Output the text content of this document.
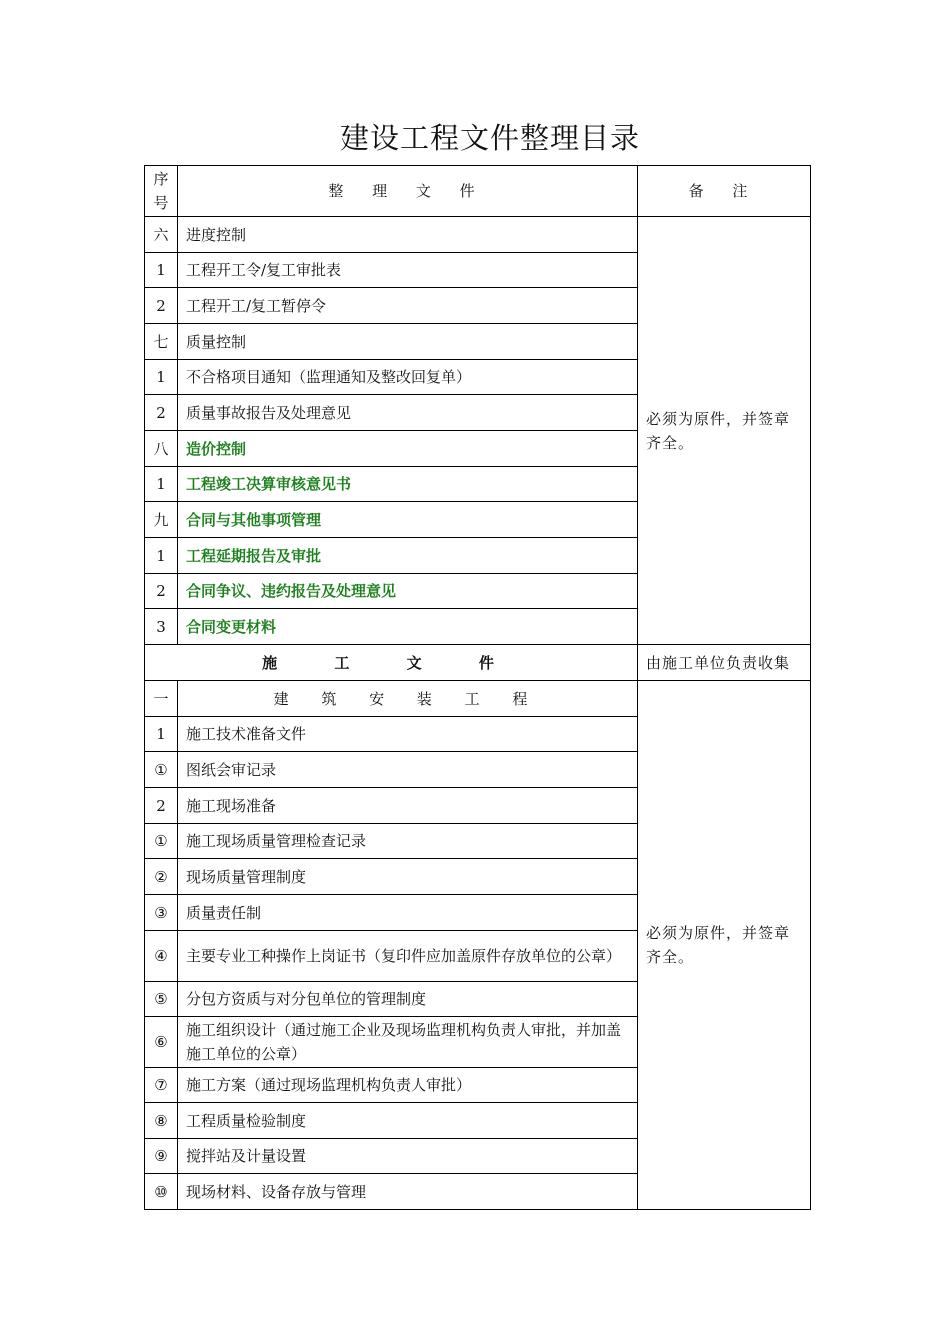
建设工程文件整理目录
序
号	整 理 文 件	备 注
六	进度控制	必须为原件，并签章齐全。
1	工程开工令/复工审批表	
2	工程开工/复工暂停令	
七	质量控制	
1	不合格项目通知（监理通知及整改回复单）	
2	质量事故报告及处理意见	
八	造价控制	
1	工程竣工决算审核意见书	
九	合同与其他事项管理	
1	工程延期报告及审批	
2	合同争议、违约报告及处理意见	
3	合同变更材料	
施 工 文 件		由施工单位负责收集
一	建 筑 安 装 工 程	必须为原件，并签章齐全。
1	施工技术准备文件	
①	图纸会审记录	
2	施工现场准备	
①	施工现场质量管理检查记录	
②	现场质量管理制度	
③	质量责任制	
④	主要专业工种操作上岗证书（复印件应加盖原件存放单位的公章）	
⑤	分包方资质与对分包单位的管理制度	
⑥	施工组织设计（通过施工企业及现场监理机构负责人审批，并加盖施工单位的公章）	
⑦	施工方案（通过现场监理机构负责人审批）	
⑧	工程质量检验制度	
⑨	搅拌站及计量设置	
⑩	现场材料、设备存放与管理	
